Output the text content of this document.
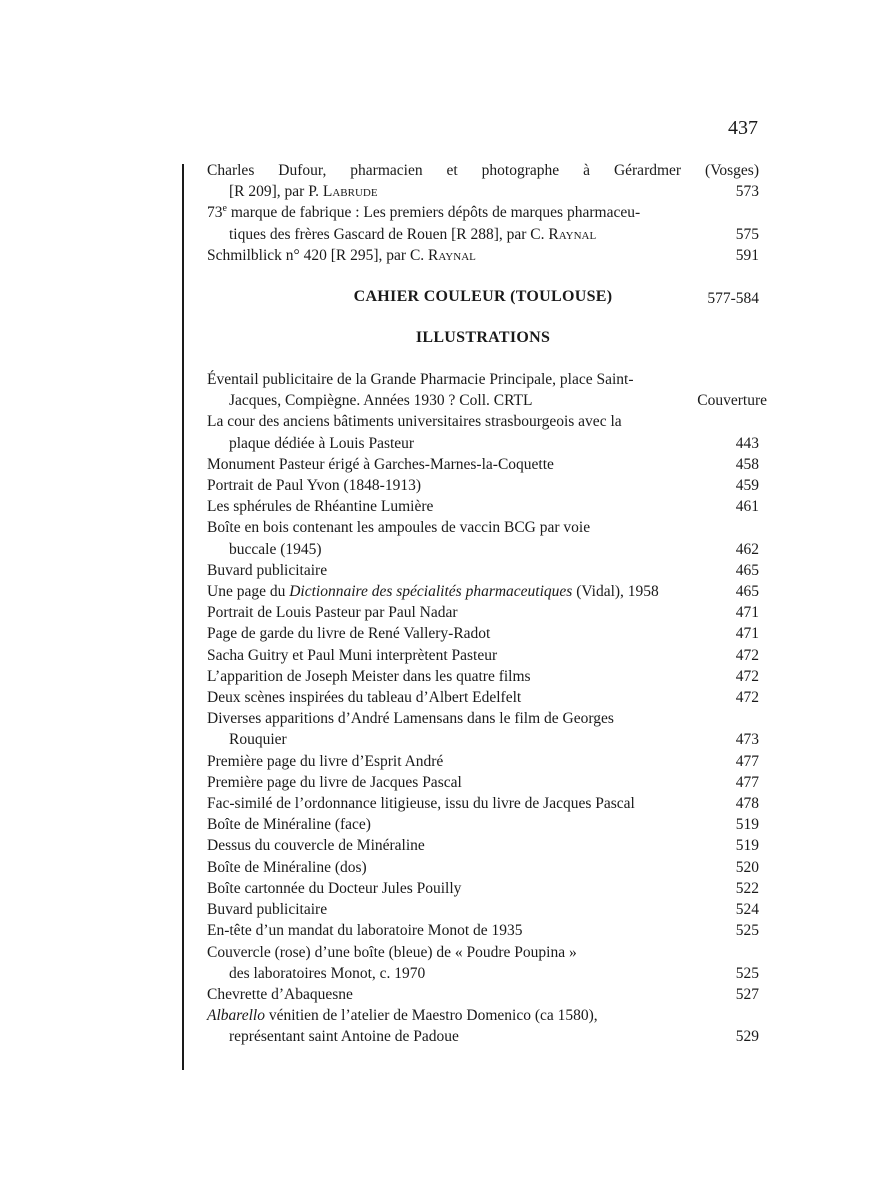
437
Charles Dufour, pharmacien et photographe à Gérardmer (Vosges)
[R 209], par P. Labrude	573
73e marque de fabrique : Les premiers dépôts de marques pharmaceu-
tiques des frères Gascard de Rouen [R 288], par C. Raynal	575
Schmilblick n° 420 [R 295], par C. Raynal	591
CAHIER COULEUR (TOULOUSE)	577-584
ILLUSTRATIONS
Éventail publicitaire de la Grande Pharmacie Principale, place Saint-
Jacques, Compiègne. Années 1930 ? Coll. CRTL	Couverture
La cour des anciens bâtiments universitaires strasbourgeois avec la
plaque dédiée à Louis Pasteur	443
Monument Pasteur érigé à Garches-Marnes-la-Coquette	458
Portrait de Paul Yvon (1848-1913)	459
Les sphérules de Rhéantine Lumière	461
Boîte en bois contenant les ampoules de vaccin BCG par voie
buccale (1945)	462
Buvard publicitaire	465
Une page du Dictionnaire des spécialités pharmaceutiques (Vidal), 1958	465
Portrait de Louis Pasteur par Paul Nadar	471
Page de garde du livre de René Vallery-Radot	471
Sacha Guitry et Paul Muni interprètent Pasteur	472
L’apparition de Joseph Meister dans les quatre films	472
Deux scènes inspirées du tableau d’Albert Edelfelt	472
Diverses apparitions d’André Lamensans dans le film de Georges
Rouquier	473
Première page du livre d’Esprit André	477
Première page du livre de Jacques Pascal	477
Fac-similé de l’ordonnance litigieuse, issu du livre de Jacques Pascal	478
Boîte de Minéraline (face)	519
Dessus du couvercle de Minéraline	519
Boîte de Minéraline (dos)	520
Boîte cartonnée du Docteur Jules Pouilly	522
Buvard publicitaire	524
En-tête d’un mandat du laboratoire Monot de 1935	525
Couvercle (rose) d’une boîte (bleue) de « Poudre Poupina »
des laboratoires Monot, c. 1970	525
Chevrette d’Abaquesne	527
Albarello vénitien de l’atelier de Maestro Domenico (ca 1580),
représentant saint Antoine de Padoue	529
